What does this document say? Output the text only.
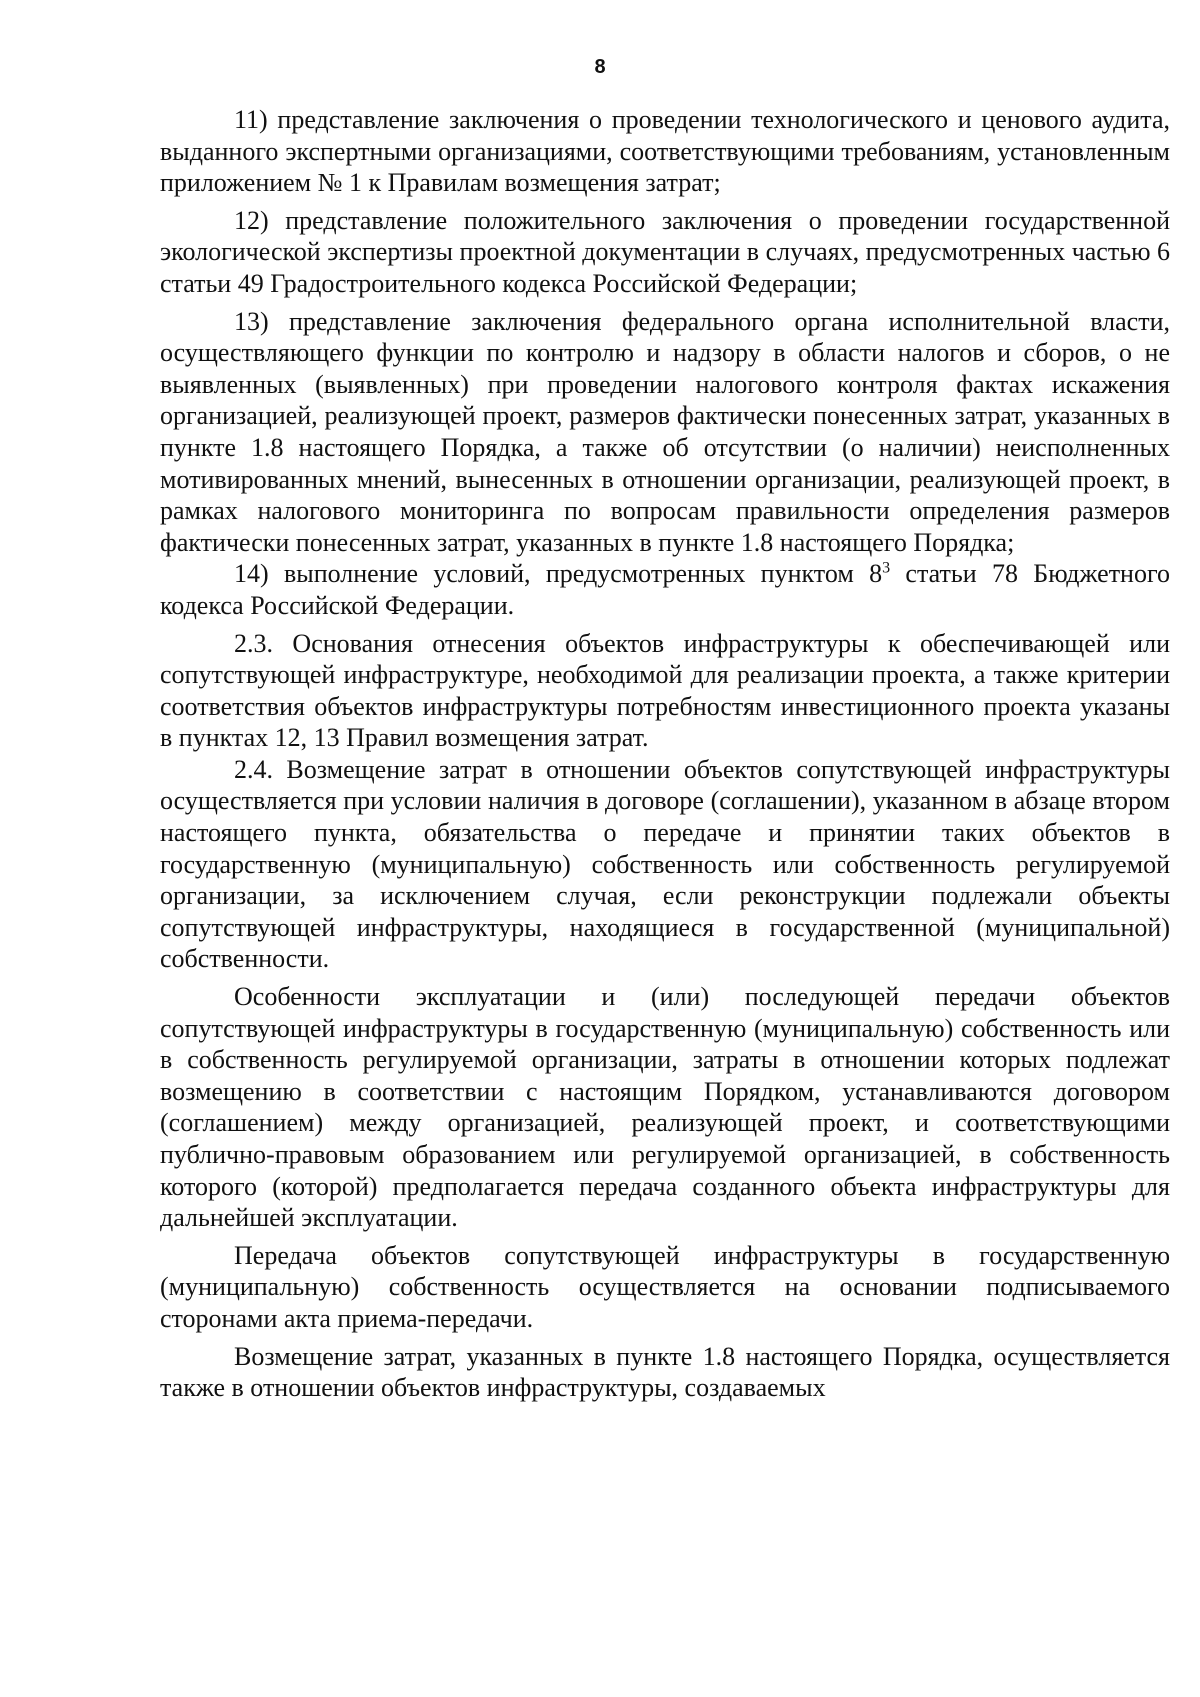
8

11) представление заключения о проведении технологического и ценового аудита, выданного экспертными организациями, соответствующими требованиям, установленным приложением № 1 к Правилам возмещения затрат;

12) представление положительного заключения о проведении государственной экологической экспертизы проектной документации в случаях, предусмотренных частью 6 статьи 49 Градостроительного кодекса Российской Федерации;

13) представление заключения федерального органа исполнительной власти, осуществляющего функции по контролю и надзору в области налогов и сборов, о не выявленных (выявленных) при проведении налогового контроля фактах искажения организацией, реализующей проект, размеров фактически понесенных затрат, указанных в пункте 1.8 настоящего Порядка, а также об отсутствии (о наличии) неисполненных мотивированных мнений, вынесенных в отношении организации, реализующей проект, в рамках налогового мониторинга по вопросам правильности определения размеров фактически понесенных затрат, указанных в пункте 1.8 настоящего Порядка;

14) выполнение условий, предусмотренных пунктом $8^3$ статьи 78 Бюджетного кодекса Российской Федерации.

2.3. Основания отнесения объектов инфраструктуры к обеспечивающей или сопутствующей инфраструктуре, необходимой для реализации проекта, а также критерии соответствия объектов инфраструктуры потребностям инвестиционного проекта указаны в пунктах 12, 13 Правил возмещения затрат.

2.4. Возмещение затрат в отношении объектов сопутствующей инфраструктуры осуществляется при условии наличия в договоре (соглашении), указанном в абзаце втором настоящего пункта, обязательства о передаче и принятии таких объектов в государственную (муниципальную) собственность или собственность регулируемой организации, за исключением случая, если реконструкции подлежали объекты сопутствующей инфраструктуры, находящиеся в государственной (муниципальной) собственности.

Особенности эксплуатации и (или) последующей передачи объектов сопутствующей инфраструктуры в государственную (муниципальную) собственность или в собственность регулируемой организации, затраты в отношении которых подлежат возмещению в соответствии с настоящим Порядком, устанавливаются договором (соглашением) между организацией, реализующей проект, и соответствующими публично-правовым образованием или регулируемой организацией, в собственность которого (которой) предполагается передача созданного объекта инфраструктуры для дальнейшей эксплуатации.

Передача объектов сопутствующей инфраструктуры в государственную (муниципальную) собственность осуществляется на основании подписываемого сторонами акта приема-передачи.

Возмещение затрат, указанных в пункте 1.8 настоящего Порядка, осуществляется также в отношении объектов инфраструктуры, создаваемых
